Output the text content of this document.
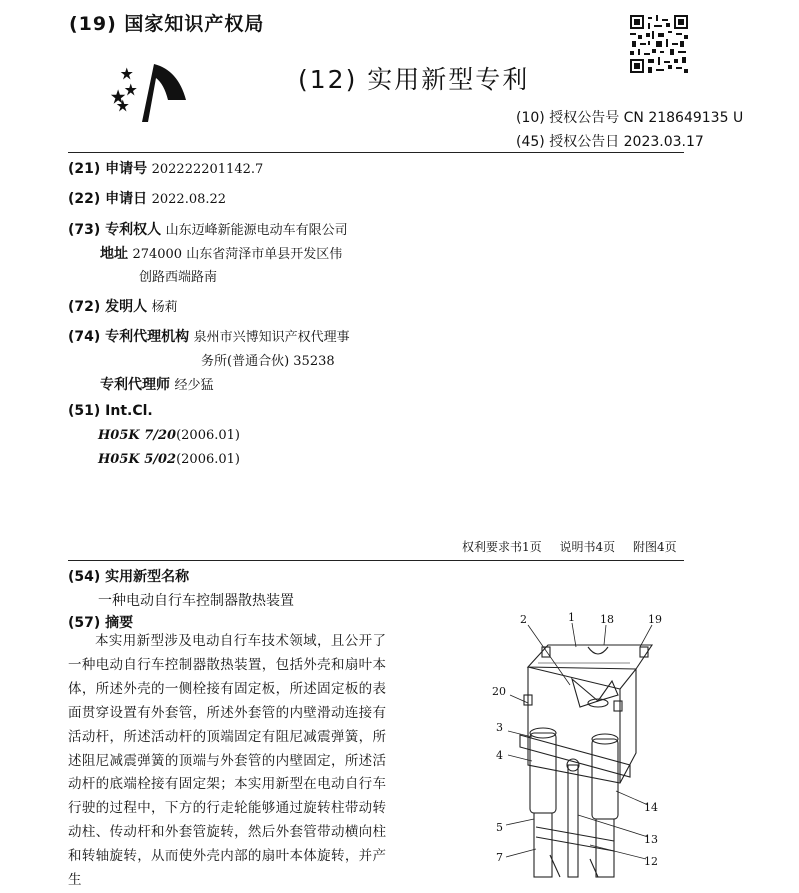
(19) 国家知识产权局
(12) 实用新型专利
(10) 授权公告号 CN 218649135 U
(45) 授权公告日 2023.03.17
(21) 申请号 202222201142.7
(22) 申请日 2022.08.22
(73) 专利权人 山东迈峰新能源电动车有限公司
地址 274000 山东省菏泽市单县开发区伟
创路西端路南
(72) 发明人 杨莉
(74) 专利代理机构 泉州市兴博知识产权代理事
务所(普通合伙) 35238
专利代理师 经少猛
(51) Int.Cl.
H05K 7/20(2006.01)
H05K 5/02(2006.01)
权利要求书1页 说明书4页 附图4页
(54) 实用新型名称
一种电动自行车控制器散热装置
(57) 摘要

本实用新型涉及电动自行车技术领域，且公开了一种电动自行车控制器散热装置，包括外壳和扇叶本体，所述外壳的一侧栓接有固定板，所述固定板的表面贯穿设置有外套管，所述外套管的内壁滑动连接有活动杆，所述活动杆的顶端固定有阻尼减震弹簧，所述阻尼减震弹簧的顶端与外套管的内壁固定，所述活动杆的底端栓接有固定架；本实用新型在电动自行车行驶的过程中，下方的行走轮能够通过旋转柱带动转动柱、传动杆和外套管旋转，然后外套管带动横向柱和转轴旋转，从而使外壳内部的扇叶本体旋转，并产生

2	1 18	19
20
3
4
14
5
13
7	12
